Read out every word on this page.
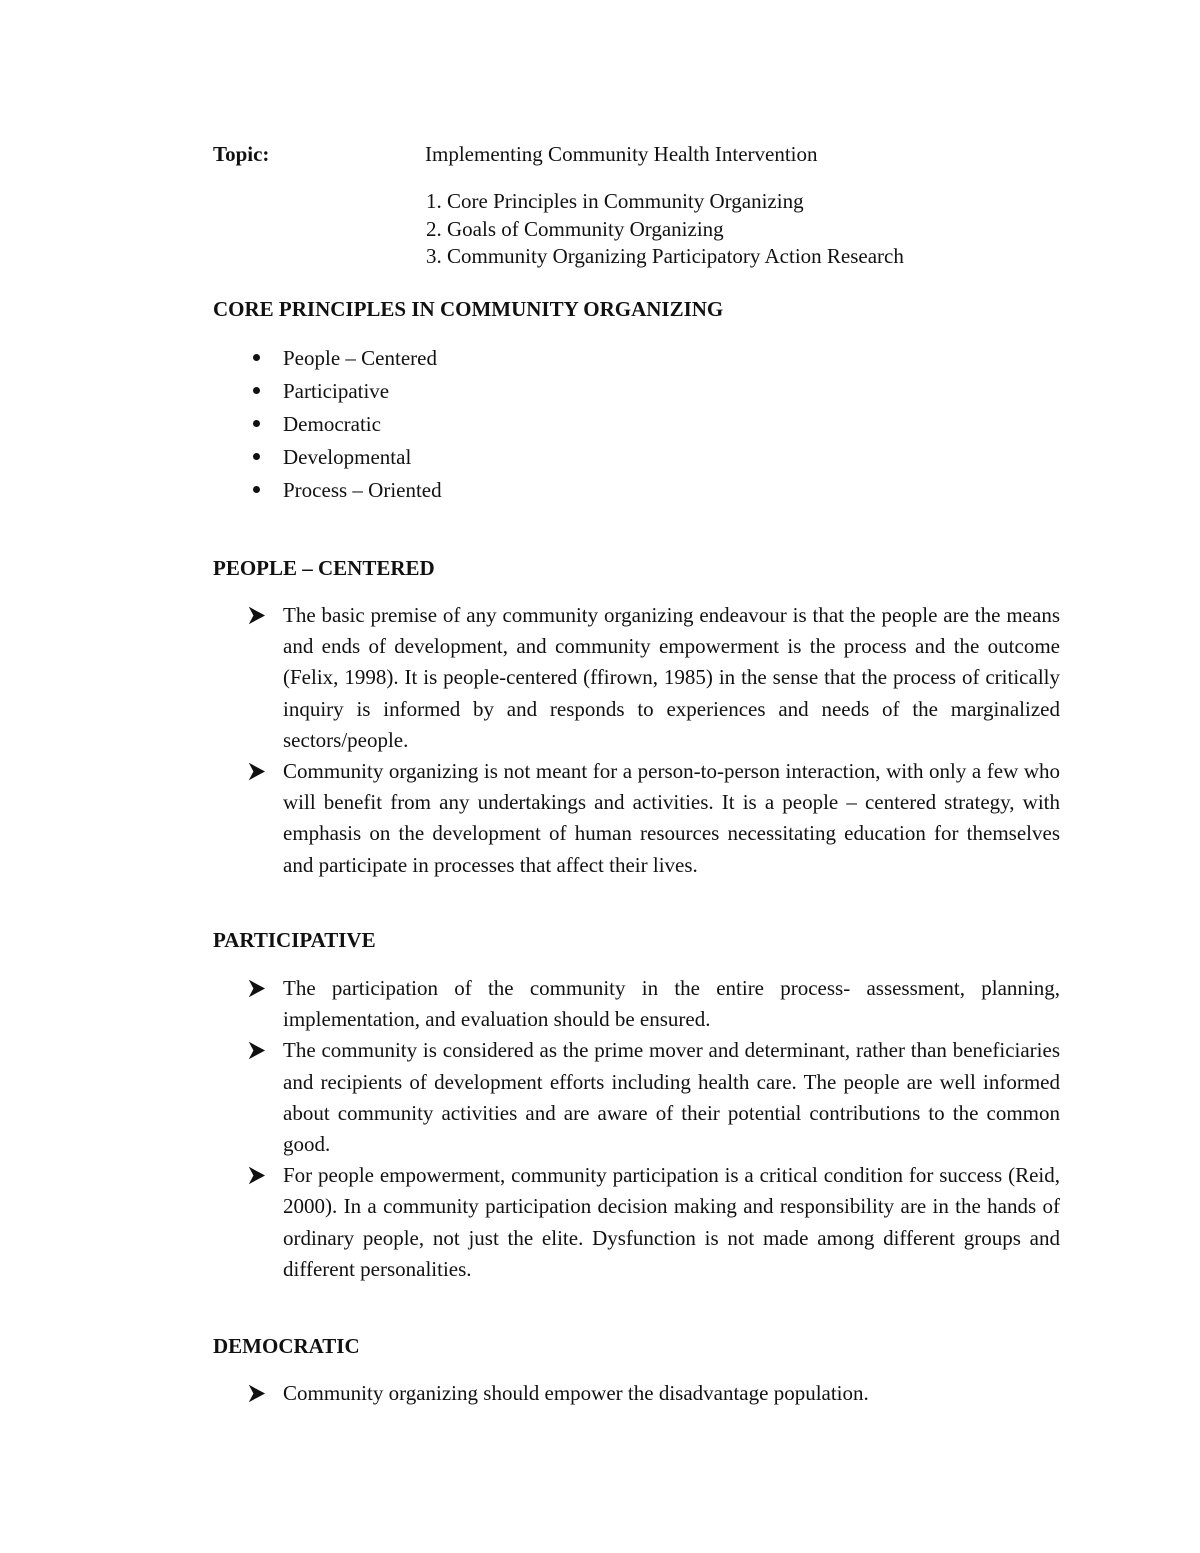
Topic:	Implementing Community Health Intervention
1. Core Principles in Community Organizing
2. Goals of Community Organizing
3. Community Organizing Participatory Action Research
CORE PRINCIPLES IN COMMUNITY ORGANIZING
People – Centered
Participative
Democratic
Developmental
Process – Oriented
PEOPLE – CENTERED
The basic premise of any community organizing endeavour is that the people are the means and ends of development, and community empowerment is the process and the outcome (Felix, 1998). It is people-centered (ffirown, 1985) in the sense that the process of critically inquiry is informed by and responds to experiences and needs of the marginalized sectors/people.
Community organizing is not meant for a person-to-person interaction, with only a few who will benefit from any undertakings and activities. It is a people – centered strategy, with emphasis on the development of human resources necessitating education for themselves and participate in processes that affect their lives.
PARTICIPATIVE
The participation of the community in the entire process- assessment, planning, implementation, and evaluation should be ensured.
The community is considered as the prime mover and determinant, rather than beneficiaries and recipients of development efforts including health care. The people are well informed about community activities and are aware of their potential contributions to the common good.
For people empowerment, community participation is a critical condition for success (Reid, 2000). In a community participation decision making and responsibility are in the hands of ordinary people, not just the elite. Dysfunction is not made among different groups and different personalities.
DEMOCRATIC
Community organizing should empower the disadvantage population.
